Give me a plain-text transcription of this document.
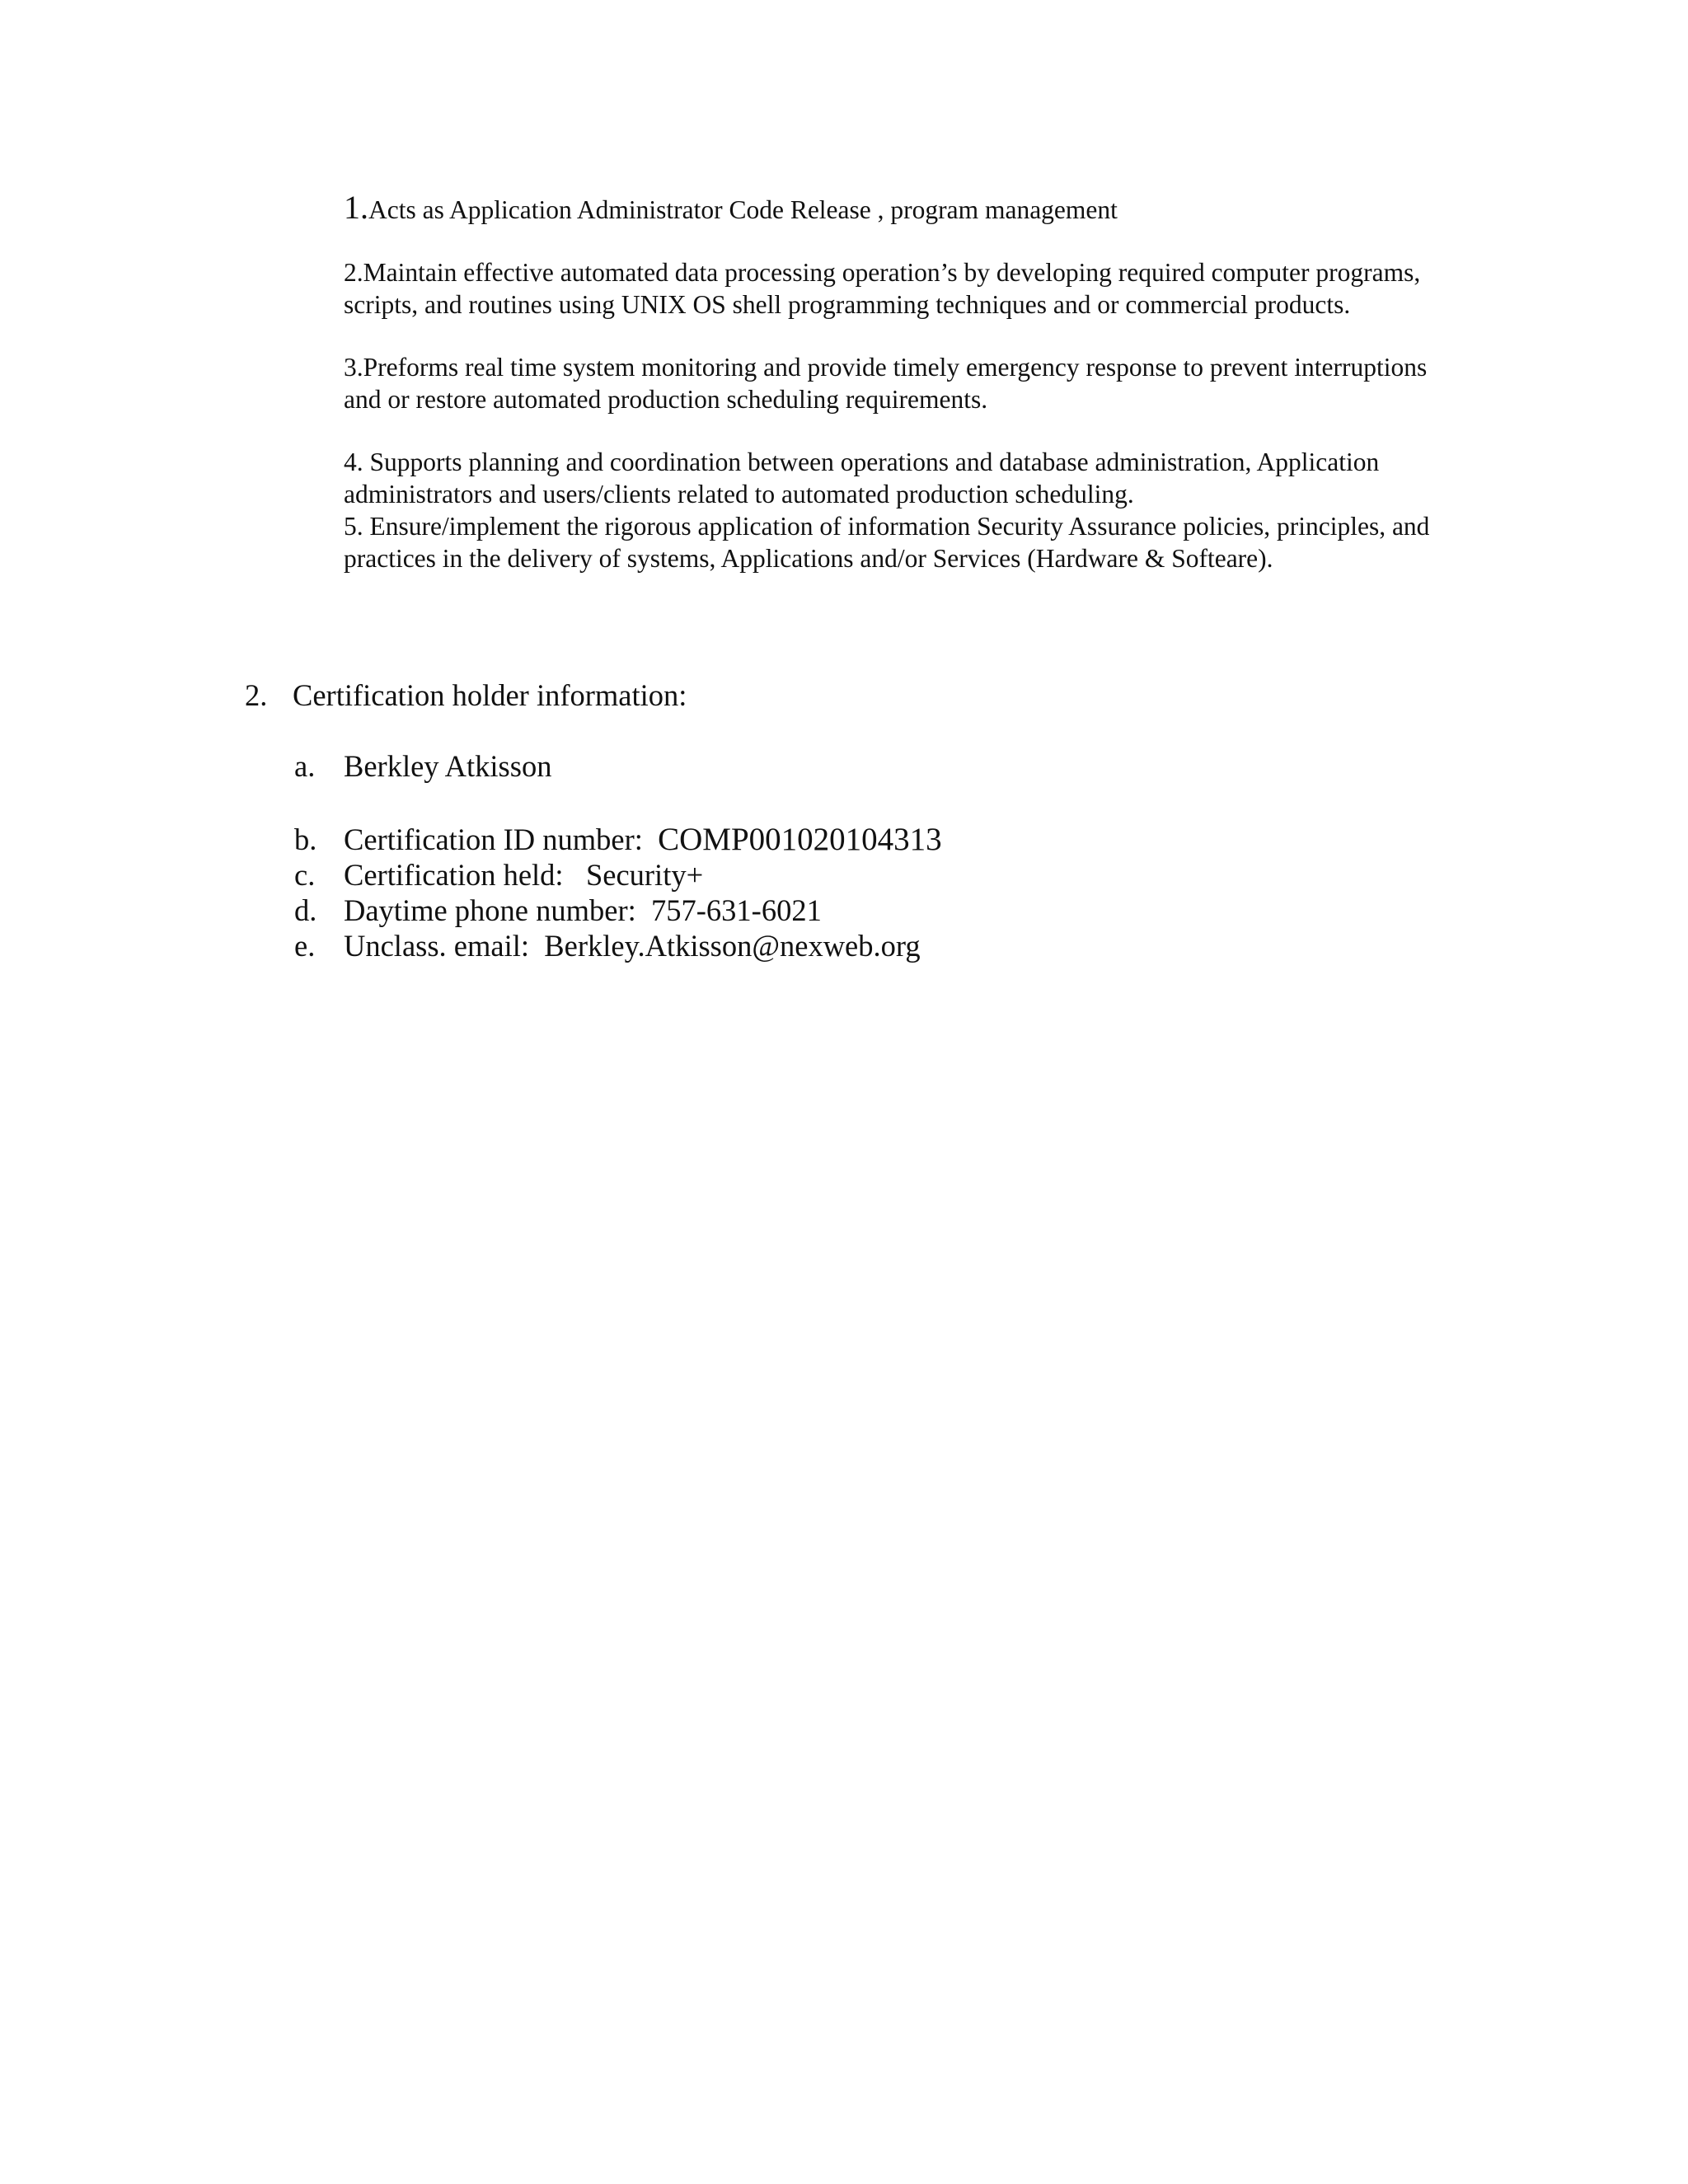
1.Acts as Application Administrator Code Release , program management

2.Maintain effective automated data processing operation’s by developing required computer programs, scripts, and routines using UNIX OS shell programming techniques and or commercial products.

3.Preforms real time system monitoring and provide timely emergency response to prevent interruptions and or restore automated production scheduling requirements.

4. Supports planning and coordination between operations and database administration, Application administrators and users/clients related to automated production scheduling.

5. Ensure/implement the rigorous application of information Security Assurance policies, principles, and practices in the delivery of systems, Applications and/or Services (Hardware & Softeare).

2. Certification holder information:

a. Berkley Atkisson
b. Certification ID number:
COMP001020104313
c. Certification held:
Security+
d. Daytime phone number:
757-631-6021
e. Unclass. email:
Berkley.Atkisson@nexweb.org
